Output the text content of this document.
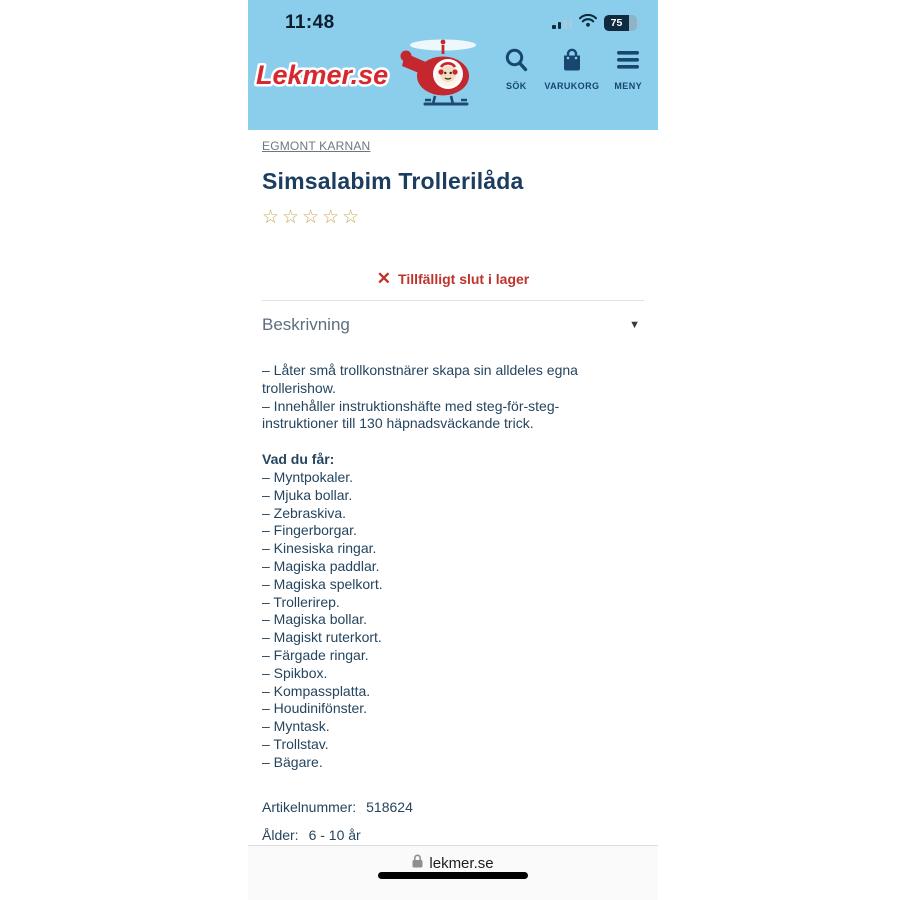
11:48	75
Lekmer.se	SÖK VARUKORG MENY
EGMONT KARNAN
Simsalabim Trollerilåda
☆☆☆☆☆
✕ Tillfälligt slut i lager
Beskrivning	▼
– Låter små trollkonstnärer skapa sin alldeles egna trollerishow.
– Innehåller instruktionshäfte med steg-för-steg-instruktioner till 130 häpnadsväckande trick.
Vad du får:
– Myntpokaler.
– Mjuka bollar.
– Zebraskiva.
– Fingerborgar.
– Kinesiska ringar.
– Magiska paddlar.
– Magiska spelkort.
– Trollerirep.
– Magiska bollar.
– Magiskt ruterkort.
– Färgade ringar.
– Spikbox.
– Kompassplatta.
– Houdinifönster.
– Myntask.
– Trollstav.
– Bägare.
Artikelnummer: 518624
Ålder: 6 - 10 år
lekmer.se
